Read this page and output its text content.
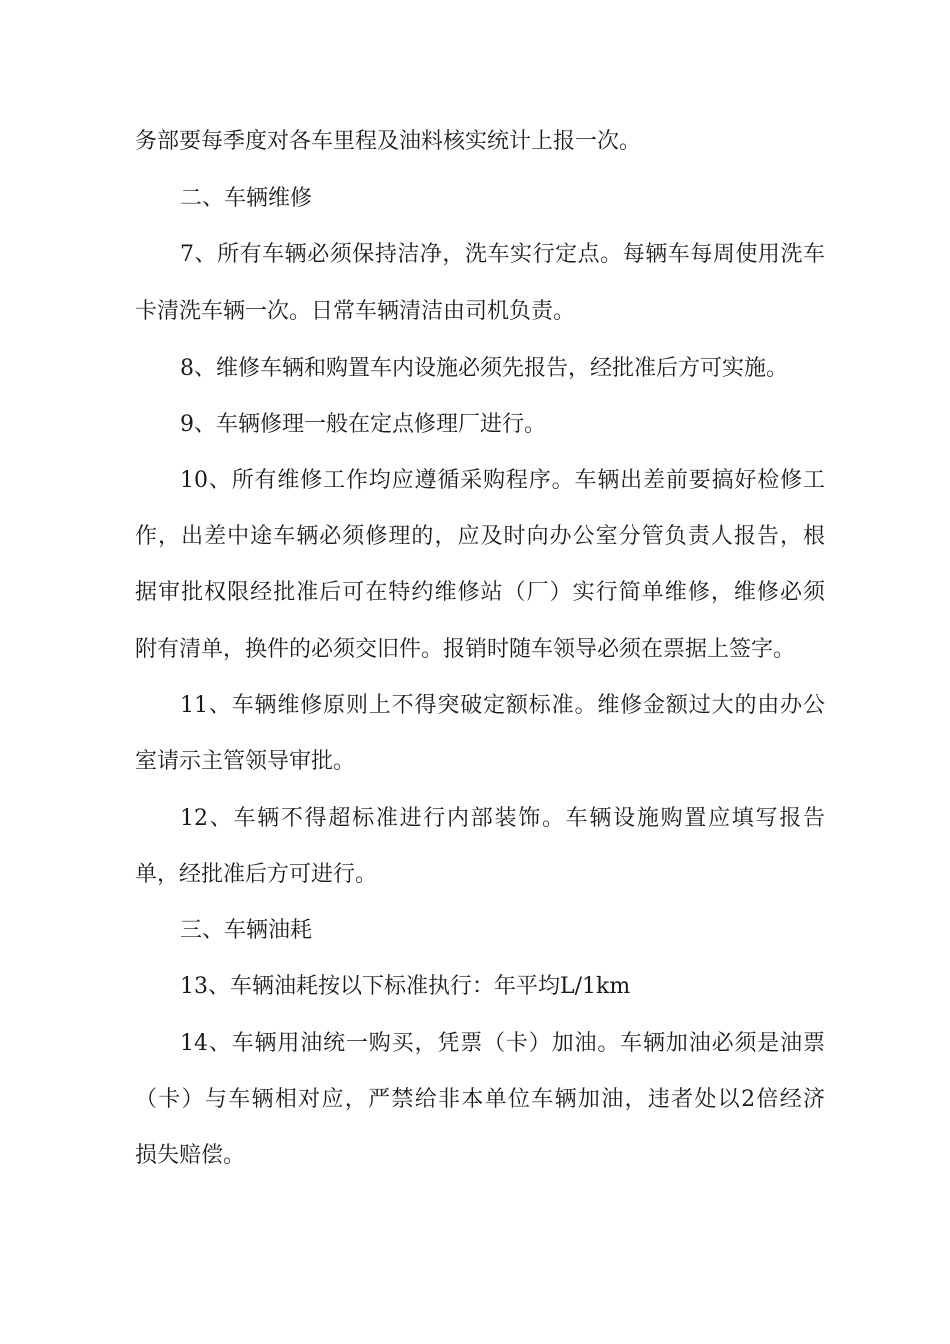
务部要每季度对各车里程及油料核实统计上报一次。
二、车辆维修
7、所有车辆必须保持洁净，洗车实行定点。每辆车每周使用洗车
卡清洗车辆一次。日常车辆清洁由司机负责。
8、维修车辆和购置车内设施必须先报告，经批准后方可实施。
9、车辆修理一般在定点修理厂进行。
10、所有维修工作均应遵循采购程序。车辆出差前要搞好检修工
作，出差中途车辆必须修理的，应及时向办公室分管负责人报告，根
据审批权限经批准后可在特约维修站（厂）实行简单维修，维修必须
附有清单，换件的必须交旧件。报销时随车领导必须在票据上签字。
11、车辆维修原则上不得突破定额标准。维修金额过大的由办公
室请示主管领导审批。
12、车辆不得超标准进行内部装饰。车辆设施购置应填写报告
单，经批准后方可进行。
三、车辆油耗
13、车辆油耗按以下标准执行：年平均L/1km
14、车辆用油统一购买，凭票（卡）加油。车辆加油必须是油票
（卡）与车辆相对应，严禁给非本单位车辆加油，违者处以2倍经济
损失赔偿。
